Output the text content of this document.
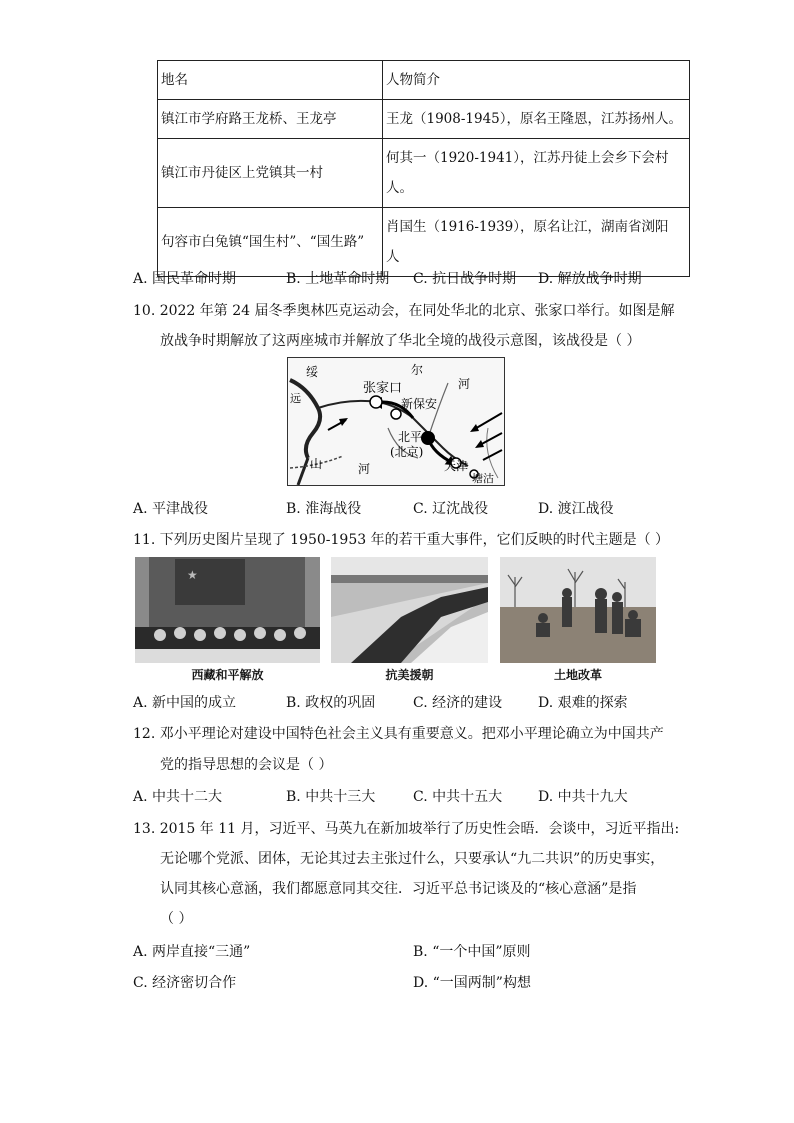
地名	人物简介
镇江市学府路王龙桥、王龙亭	王龙（1908-1945），原名王隆恩，江苏扬州人。
镇江市丹徒区上党镇其一村	何其一（1920-1941），江苏丹徒上会乡下会村
人。

句容市白兔镇“国生村”、“国生路”	肖国生（1916-1939），原名让江，湖南省浏阳
人
A. 国民革命时期	B. 土地革命时期 C. 抗日战争时期 D. 解放战争时期
10. 2022 年第 24 届冬季奥林匹克运动会，在同处华北的北京、张家口举行。如图是解
放战争时期解放了这两座城市并解放了华北全境的战役示意图，该战役是（ ）
绥	尔
河
张家口
新保安
远
北平
(北京)
天津
塘沽
山	河
A. 平津战役	B. 淮海战役	C. 辽沈战役	D. 渡江战役
11. 下列历史图片呈现了 1950-1953 年的若干重大事件，它们反映的时代主题是（ ）
★
西藏和平解放	抗美援朝	土地改革
A. 新中国的成立	B. 政权的巩固	C. 经济的建设	D. 艰难的探索
12. 邓小平理论对建设中国特色社会主义具有重要意义。把邓小平理论确立为中国共产
党的指导思想的会议是（ ）
A. 中共十二大	B. 中共十三大	C. 中共十五大	D. 中共十九大
13. 2015 年 11 月，习近平、马英九在新加坡举行了历史性会晤．会谈中，习近平指出:
无论哪个党派、团体，无论其过去主张过什么，只要承认“九二共识”的历史事实，
认同其核心意涵，我们都愿意同其交往．习近平总书记谈及的“核心意涵”是指
（ ）
A. 两岸直接“三通”	B. “一个中国”原则
C. 经济密切合作	D. “一国两制”构想
